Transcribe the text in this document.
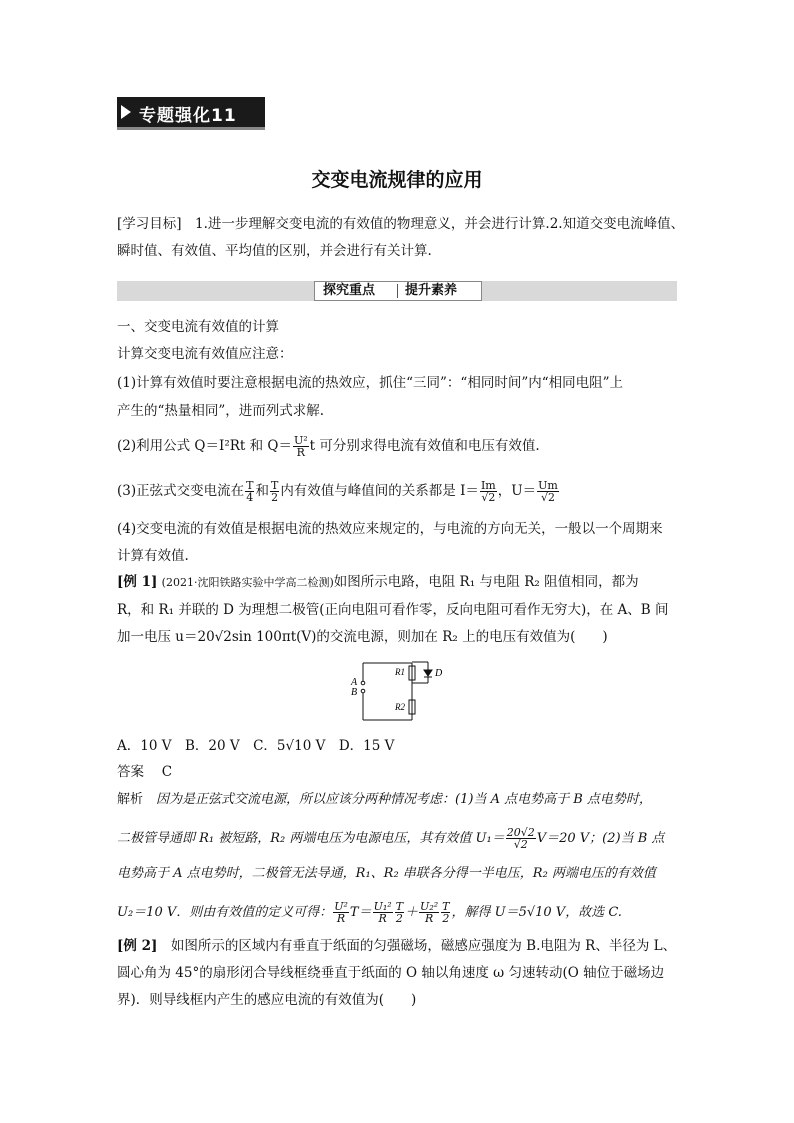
专题强化11
交变电流规律的应用
[学习目标]　1.进一步理解交变电流的有效值的物理意义，并会进行计算.2.知道交变电流峰值、
瞬时值、有效值、平均值的区别，并会进行有关计算.
探究重点 提升素养
一、交变电流有效值的计算
计算交变电流有效值应注意：
(1)计算有效值时要注意根据电流的热效应，抓住“三同”：“相同时间”内“相同电阻”上
产生的“热量相同”，进而列式求解.
(2)利用公式 Q＝I²Rt 和 $Q= \frac{\text{U²}}{R}$ t 可分别求得电流有效值和电压有效值.
(3)正弦式交变电流在 $\frac{T}{4}$ 和 $\frac{T}{2}$ 内有效值与峰值间的关系都是 $I= \frac{Im}{√2}$ ，$U= \frac{Um}{√2}$
(4)交变电流的有效值是根据电流的热效应来规定的，与电流的方向无关，一般以一个周期来
计算有效值.
[例 1] (2021·沈阳铁路实验中学高二检测)如图所示电路，电阻 R₁ 与电阻 R₂ 阻值相同，都为
R，和 R₁ 并联的 D 为理想二极管(正向电阻可看作零，反向电阻可看作无穷大)，在 A、B 间
加一电压 u＝20√2sin 100πt(V)的交流电源，则加在 R₂ 上的电压有效值为(　　)
A
B
R1
R2
D
A．10 V　B．20 V　C．5√10 V　D．15 V
答案　 C
解析　 因为是正弦式交流电源，所以应该分两种情况考虑：(1)当 A 点电势高于 B 点电势时，
二极管导通即 R₁ 被短路，R₂ 两端电压为电源电压，其有效值 $U_1= \frac{20√2}{√2} V=20$ V；(2)当 B 点
电势高于 A 点电势时，二极管无法导通，R₁、R₂ 串联各分得一半电压，R₂ 两端电压的有效值
U₂＝10 V．则由有效值的定义可得： $\frac{\text{U²}}{R} T= \frac{\text{U₁²}}{R} \frac{T}{2} + \frac{\text{U₂²}}{R} \frac{T}{2}$ ，解得 U＝5√10 V，故选 C.
[例 2]　 如图所示的区域内有垂直于纸面的匀强磁场，磁感应强度为 B.电阻为 R、半径为 L、
圆心角为 45°的扇形闭合导线框绕垂直于纸面的 O 轴以角速度 ω 匀速转动(O 轴位于磁场边
界)．则导线框内产生的感应电流的有效值为(　　)
